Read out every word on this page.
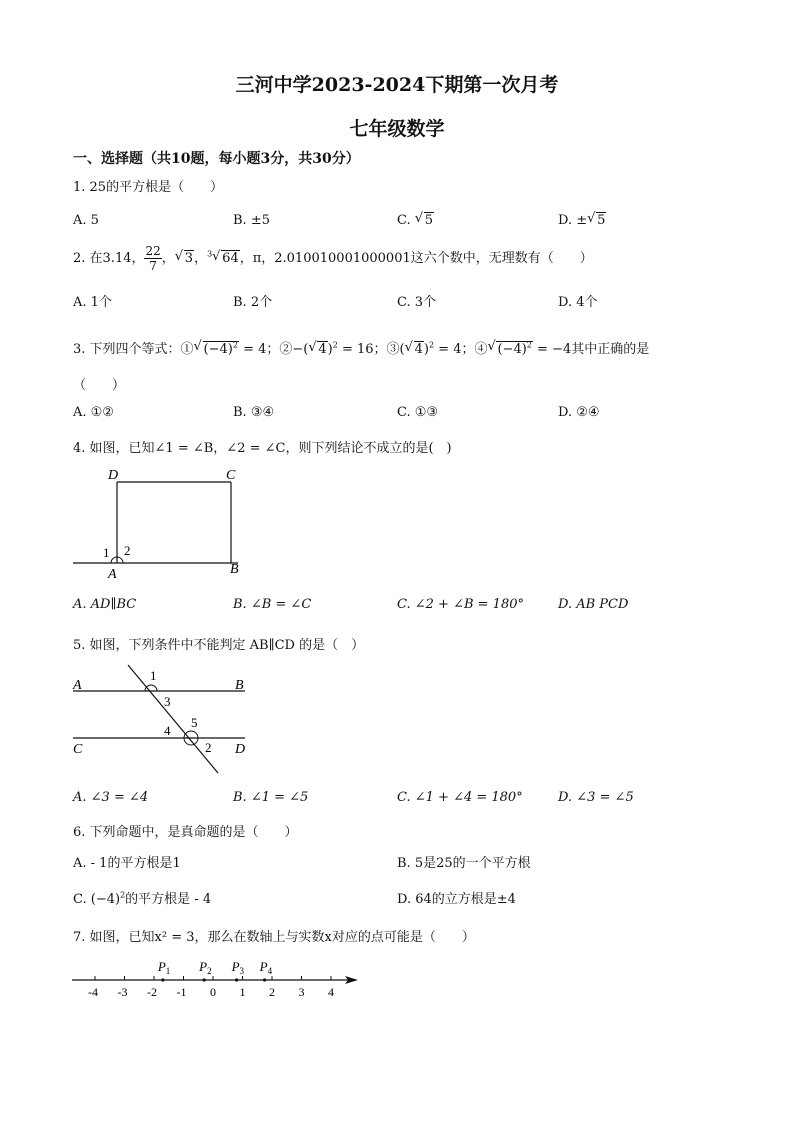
三河中学2023-2024下期第一次月考
七年级数学
一、选择题（共10题，每小题3分，共30分）
1. 25的平方根是（　　）
A. 5	B. ±5	C. √ 5	D. ± √ 5
2. 在3.14， $\frac{22}{7}$ ， √ 3，$^3$ √ 64，π，2.010010001000001这六个数中，无理数有（　　）
A. 1个	B. 2个	C. 3个	D. 4个
3. 下列四个等式：① √ $(-4)^2 = 4$；②−( √ 4)$^2$ = 16；③( √ 4)$^2$ = 4；④ √ $(-4)^2 = -4$其中正确的是
（　　）
A. ①②	B. ③④	C. ①③	D. ②④
4. 如图，已知∠1 = ∠B，∠2 = ∠C，则下列结论不成立的是(　)
D	C
1 2
A	B
A. AD∥BC	B. ∠B = ∠C	C. ∠2 + ∠B = 180°	D. AB PCD
5. 如图，下列条件中不能判定 AB∥CD 的是（　）
A
1
B
3
5
4
C	2 D
A. ∠3 = ∠4	B. ∠1 = ∠5	C. ∠1 + ∠4 = 180°	D. ∠3 = ∠5
6. 下列命题中，是真命题的是（　　）
A. - 1的平方根是1	B. 5是25的一个平方根
C. $(-4)^2$的平方根是 - 4	D. 64的立方根是±4
7. 如图，已知x² = 3，那么在数轴上与实数x对应的点可能是（　　）
-4 -3 -2 -1 0 1 2 3 4
$P_1$ $P_2$ $P_3$ $P_4$
